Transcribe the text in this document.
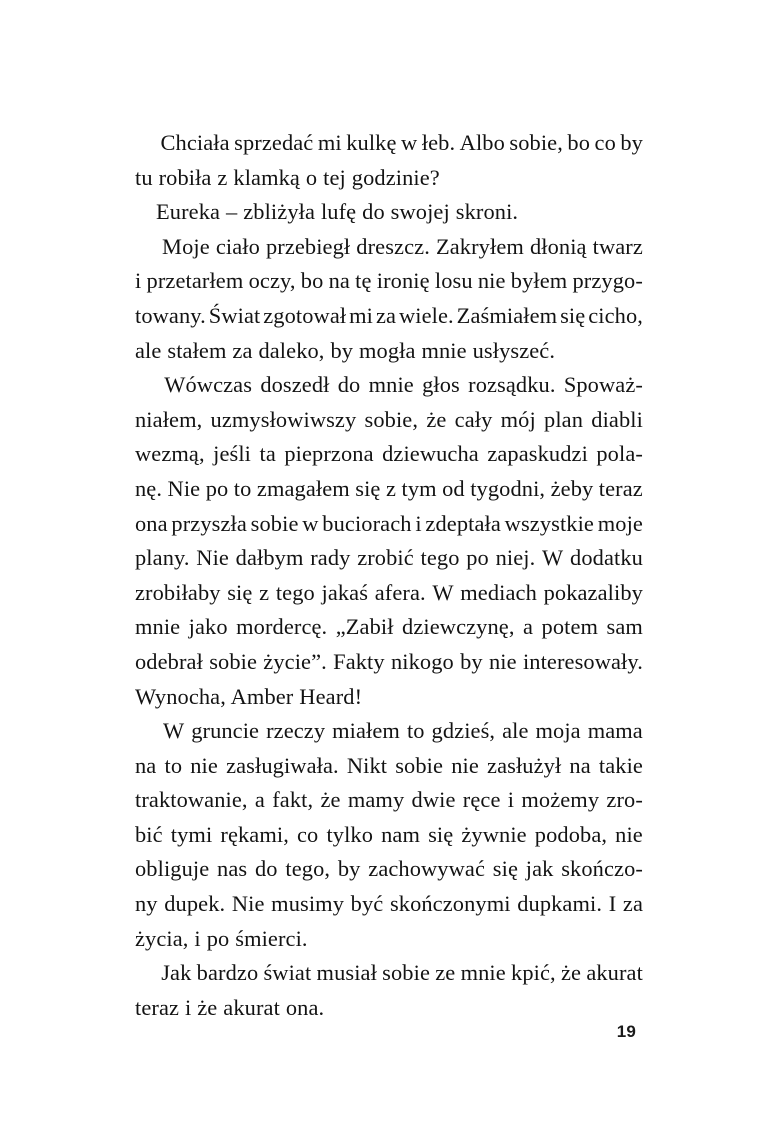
Chciała sprzedać mi kulkę w łeb. Albo sobie, bo co by
tu robiła z klamką o tej godzinie?

Eureka – zbliżyła lufę do swojej skroni.

Moje ciało przebiegł dreszcz. Zakryłem dłonią twarz
i przetarłem oczy, bo na tę ironię losu nie byłem przygo-
towany. Świat zgotował mi za wiele. Zaśmiałem się cicho,
ale stałem za daleko, by mogła mnie usłyszeć.

Wówczas doszedł do mnie głos rozsądku. Spoważ-
niałem, uzmysłowiwszy sobie, że cały mój plan diabli
wezmą, jeśli ta pieprzona dziewucha zapaskudzi pola-
nę. Nie po to zmagałem się z tym od tygodni, żeby teraz
ona przyszła sobie w buciorach i zdeptała wszystkie moje
plany. Nie dałbym rady zrobić tego po niej. W dodatku
zrobiłaby się z tego jakaś afera. W mediach pokazaliby
mnie jako mordercę. „Zabił dziewczynę, a potem sam
odebrał sobie życie”. Fakty nikogo by nie interesowały.
Wynocha, Amber Heard!

W gruncie rzeczy miałem to gdzieś, ale moja mama
na to nie zasługiwała. Nikt sobie nie zasłużył na takie
traktowanie, a fakt, że mamy dwie ręce i możemy zro-
bić tymi rękami, co tylko nam się żywnie podoba, nie
obliguje nas do tego, by zachowywać się jak skończo-
ny dupek. Nie musimy być skończonymi dupkami. I za
życia, i po śmierci.

Jak bardzo świat musiał sobie ze mnie kpić, że akurat
teraz i że akurat ona.

19
